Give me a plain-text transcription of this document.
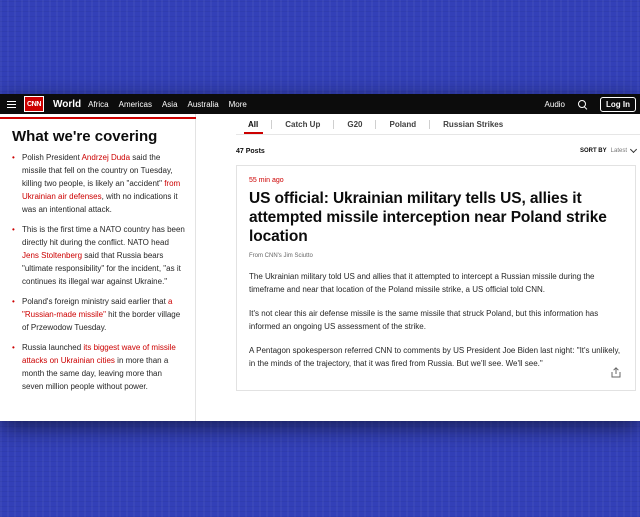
CNN	World Africa Americas Asia Australia More	Audio	Log In
What we're covering
• Polish President Andrzej Duda said the missile that fell on the country on Tuesday, killing two people, is likely an "accident" from Ukrainian air defenses, with no indications it was an intentional attack.
• This is the first time a NATO country has been directly hit during the conflict. NATO head Jens Stoltenberg said that Russia bears "ultimate responsibility" for the incident, "as it continues its illegal war against Ukraine."
• Poland's foreign ministry said earlier that a "Russian-made missile" hit the border village of Przewodow Tuesday.
• Russia launched its biggest wave of missile attacks on Ukrainian cities in more than a month the same day, leaving more than seven million people without power.
All	Catch Up	G20	Poland	Russian Strikes
47 Posts	SORT BY Latest
55 min ago
US official: Ukrainian military tells US, allies it attempted missile interception near Poland strike location
From CNN's Jim Sciutto

The Ukrainian military told US and allies that it attempted to intercept a Russian missile during the timeframe and near that location of the Poland missile strike, a US official told CNN.

It's not clear this air defense missile is the same missile that struck Poland, but this information has informed an ongoing US assessment of the strike.

A Pentagon spokesperson referred CNN to comments by US President Joe Biden last night: "It's unlikely, in the minds of the trajectory, that it was fired from Russia. But we'll see. We'll see."
